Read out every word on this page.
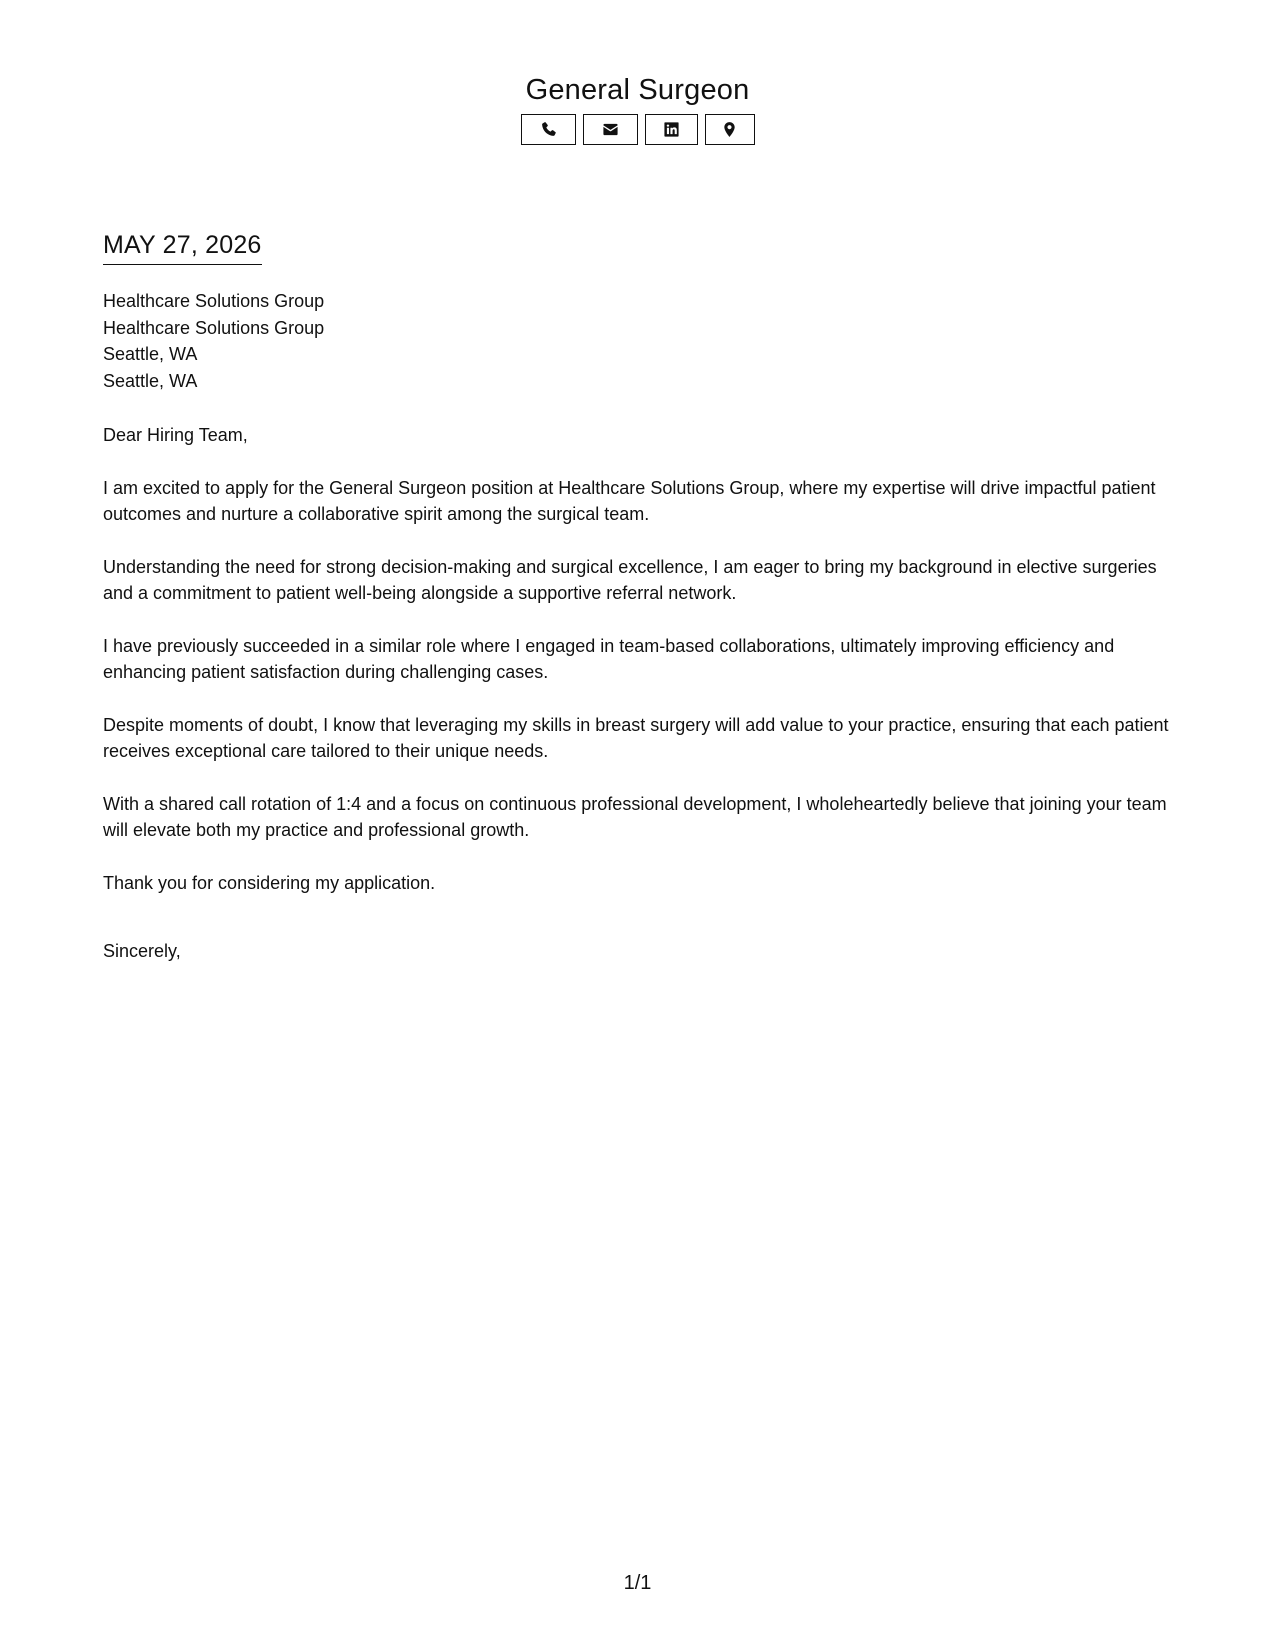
General Surgeon
MAY 27, 2026
Healthcare Solutions Group
Healthcare Solutions Group
Seattle, WA
Seattle, WA

Dear Hiring Team,

I am excited to apply for the General Surgeon position at Healthcare Solutions Group, where my expertise will drive impactful patient outcomes and nurture a collaborative spirit among the surgical team.

Understanding the need for strong decision-making and surgical excellence, I am eager to bring my background in elective surgeries and a commitment to patient well-being alongside a supportive referral network.

I have previously succeeded in a similar role where I engaged in team-based collaborations, ultimately improving efficiency and enhancing patient satisfaction during challenging cases.

Despite moments of doubt, I know that leveraging my skills in breast surgery will add value to your practice, ensuring that each patient receives exceptional care tailored to their unique needs.

With a shared call rotation of 1:4 and a focus on continuous professional development, I wholeheartedly believe that joining your team will elevate both my practice and professional growth.

Thank you for considering my application.

Sincerely,

1/1
